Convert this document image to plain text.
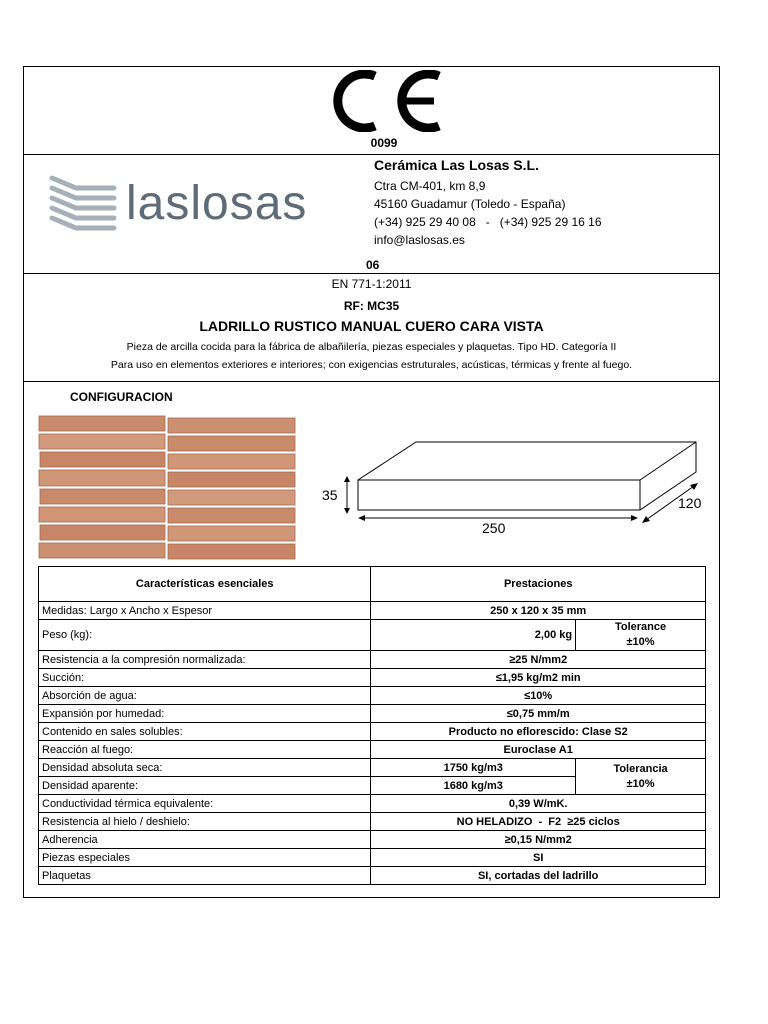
0099
laslosas
Cerámica Las Losas S.L.
Ctra CM-401, km 8,9
45160 Guadamur (Toledo - España)
(+34) 925 29 40 08   -   (+34) 925 29 16 16
info@laslosas.es
06
EN 771-1:2011
RF: MC35
LADRILLO RUSTICO MANUAL CUERO CARA VISTA
Pieza de arcilla cocida para la fábrica de albañilería, piezas especiales y plaquetas. Tipo HD. Categoría II
Para uso en elementos exteriores e interiores; con exigencias estruturales, acústicas, térmicas y frente al fuego.
CONFIGURACION
35
250
120
Características esenciales	Prestaciones	
Medidas: Largo x Ancho x Espesor	250 x 120 x 35 mm	
Peso (kg):	2,00 kg	Tolerance
±10%
Resistencia a la compresión normalizada:	≥25 N/mm2	
Succión:	≤1,95 kg/m2 min	
Absorción de agua:	≤10%	
Expansión por humedad:	≤0,75 mm/m	
Contenido en sales solubles:	Producto no eflorescido: Clase S2	
Reacción al fuego:	Euroclase A1	
Densidad absoluta seca:	1750 kg/m3	Tolerancia
±10%
Densidad aparente:	1680 kg/m3	
Conductividad térmica equivalente:	0,39 W/mK.	
Resistencia al hielo / deshielo:	NO HELADIZO  -  F2  ≥25 ciclos	
Adherencia	≥0,15 N/mm2	
Piezas especiales	SI	
Plaquetas	SI, cortadas del ladrillo	
